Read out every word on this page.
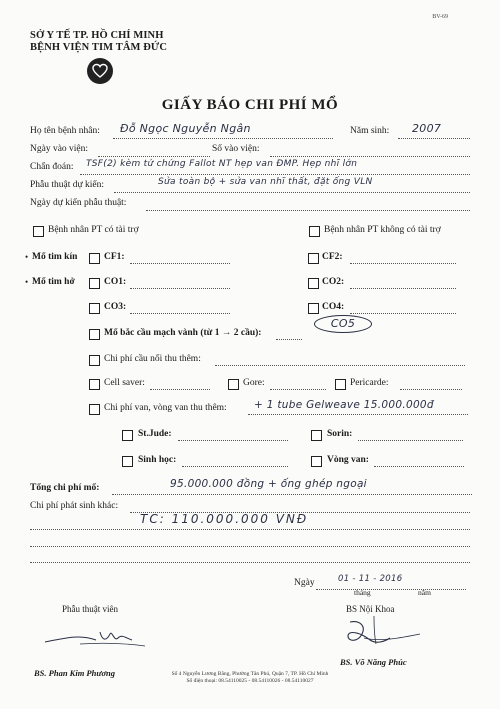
BV-69
SỞ Y TẾ TP. HỒ CHÍ MINH
BỆNH VIỆN TIM TÂM ĐỨC
GIẤY BÁO CHI PHÍ MỔ
Họ tên bệnh nhân: Đỗ Ngọc Nguyễn Ngân	Năm sinh: 2007
Ngày vào viện:	Số vào viện:
Chẩn đoán: TSF(2) kèm tứ chứng Fallot NT hẹp van ĐMP. Hẹp nhĩ lớn
Phẫu thuật dự kiến:	Sửa toàn bộ + sửa van nhĩ thất, đặt ống VLN
Ngày dự kiến phẫu thuật:
Bệnh nhân PT có tài trợ	Bệnh nhân PT không có tài trợ
• Mổ tim kín	CF1:	CF2:
• Mổ tim hở	CO1:	CO2:
CO3:	CO4:
CO5
Mổ bắc cầu mạch vành (từ 1 → 2 cầu):
Chi phí cầu nối thu thêm:
Cell saver:	Gore:	Pericarde:
Chi phí van, vòng van thu thêm:	+ 1 tube Gelweave 15.000.000đ
St.Jude:	Sorin:
Sinh học:	Vòng van:
Tổng chi phí mổ:	95.000.000 đồng + ống ghép ngoại
Chi phí phát sinh khác:
TC: 110.000.000 VNĐ
Ngày	01 - 11 - 2016
tháng	năm
Phẫu thuật viên	BS Nội Khoa
BS. Phan Kim Phương
BS. Võ Năng Phúc
Số 4 Nguyễn Lương Bằng, Phường Tân Phú, Quận 7, TP. Hồ Chí Minh
Số điện thoại: 08.54110025 - 08.54110026 - 08.54110027
